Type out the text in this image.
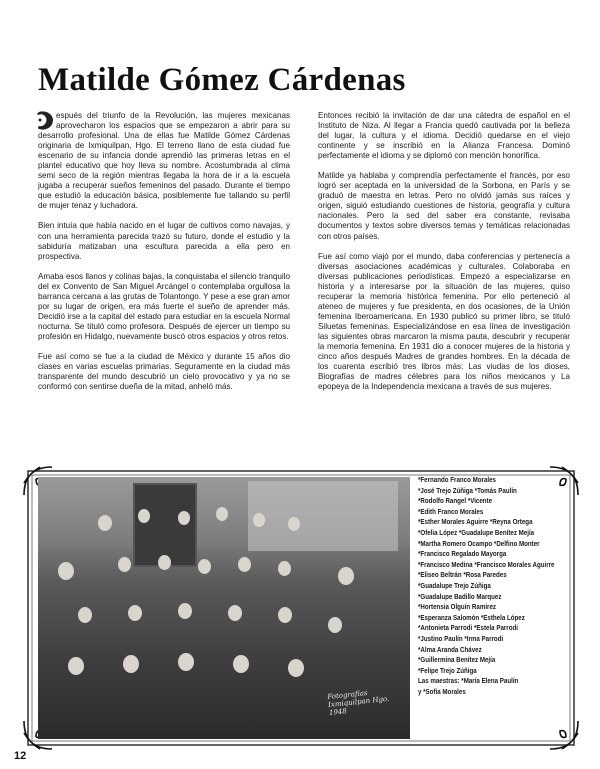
Matilde Gómez Cárdenas

espués del triunfo de la Revolución, las mujeres mexicanas aprovecharon los espacios que se empezaron a abrir para su desarrollo profesional. Una de ellas fue Matilde Gómez Cárdenas originaria de Ixmiquilpan, Hgo. El terreno llano de esta ciudad fue escenario de su infancia donde aprendió las primeras letras en el plantel educativo que hoy lleva su nombre. Acostumbrada al clima semi seco de la región mientras llegaba la hora de ir a la escuela jugaba a recuperar sueños femeninos del pasado. Durante el tiempo que estudió la educación básica, posiblemente fue tallando su perfil de mujer tenaz y luchadora.

Bien intuía que había nacido en el lugar de cultivos como navajas, y con una herramienta parecida trazó su futuro, donde el estudio y la sabiduría matizaban una escultura parecida a ella pero en prospectiva.

Amaba esos llanos y colinas bajas, la conquistaba el silencio tranquilo del ex Convento de San Miguel Arcángel o contemplaba orgullosa la barranca cercana a las grutas de Tolantongo. Y pese a ese gran amor por su lugar de origen, era más fuerte el sueño de aprender más. Decidió irse a la capital del estado para estudiar en la escuela Normal nocturna. Se tituló como profesora. Después de ejercer un tiempo su profesión en Hidalgo, nuevamente buscó otros espacios y otros retos.

Fue así como se fue a la ciudad de México y durante 15 años dio clases en varias escuelas primarias. Seguramente en la ciudad más transparente del mundo descubrió un cielo provocativo y ya no se conformó con sentirse dueña de la mitad, anheló más.

Entonces recibió la invitación de dar una cátedra de español en el Instituto de Niza. Al llegar a Francia quedó cautivada por la belleza del lugar, la cultura y el idioma. Decidió quedarse en el viejo continente y se inscribió en la Alianza Francesa. Dominó perfectamente el idioma y se diplomó con mención honorífica.

Matilde ya hablaba y comprendía perfectamente el francés, por eso logró ser aceptada en la universidad de la Sorbona, en París y se graduó de maestra en letras. Pero no olvidó jamás sus raíces y origen, siguió estudiando cuestiones de historia, geografía y cultura nacionales. Pero la sed del saber era constante, revisaba documentos y textos sobre diversos temas y temáticas relacionadas con otros países.

Fue así como viajó por el mundo, daba conferencias y pertenecía a diversas asociaciones académicas y culturales. Colaboraba en diversas publicaciones periodísticas. Empezó a especializarse en historia y a interesarse por la situación de las mujeres, quiso recuperar la memoria histórica femenina. Por ello perteneció al ateneo de mujeres y fue presidenta, en dos ocasiones, de la Unión femenina Iberoamericana. En 1930 publicó su primer libro, se tituló Siluetas femeninas. Especializándose en esa línea de investigación las siguientes obras marcaron la misma pauta, descubrir y recuperar la memoria femenina. En 1931 dio a conocer mujeres de la historia y cinco años después Madres de grandes hombres. En la década de los cuarenta escribió tres libros más: Las viudas de los dioses, Biografías de madres célebres para los niños mexicanos y La epopeya de la Independencia mexicana a través de sus mujeres.

Fotografías Ixmiquilpan Hgo. 1948
*Fernando Franco Morales
*José Trejo Zúñiga *Tomás Paulín
*Rodolfo Rangel *Vicente
*Edith Franco Morales
*Esther Morales Aguirre *Reyna Ortega
*Ofelia López *Guadalupe Benítez Mejía
*Martha Romero Ocampo *Delfino Monter
*Francisco Regalado Mayorga
*Francisco Medina *Francisco Morales Aguirre
*Eliseo Beltrán *Rosa Paredes
*Guadalupe Trejo Zúñiga
*Guadalupe Badillo Marquez
*Hortensia Olguín Ramírez
*Esperanza Salomón *Esthela López
*Antonieta Parrodi *Estela Parrodi
*Justino Paulín *Irma Parrodi
*Alma Aranda Chávez
*Guillermina Benítez Mejía
*Felipe Trejo Zúñiga
Las maestras: *María Elena Paulín
y *Sofía Morales
12
